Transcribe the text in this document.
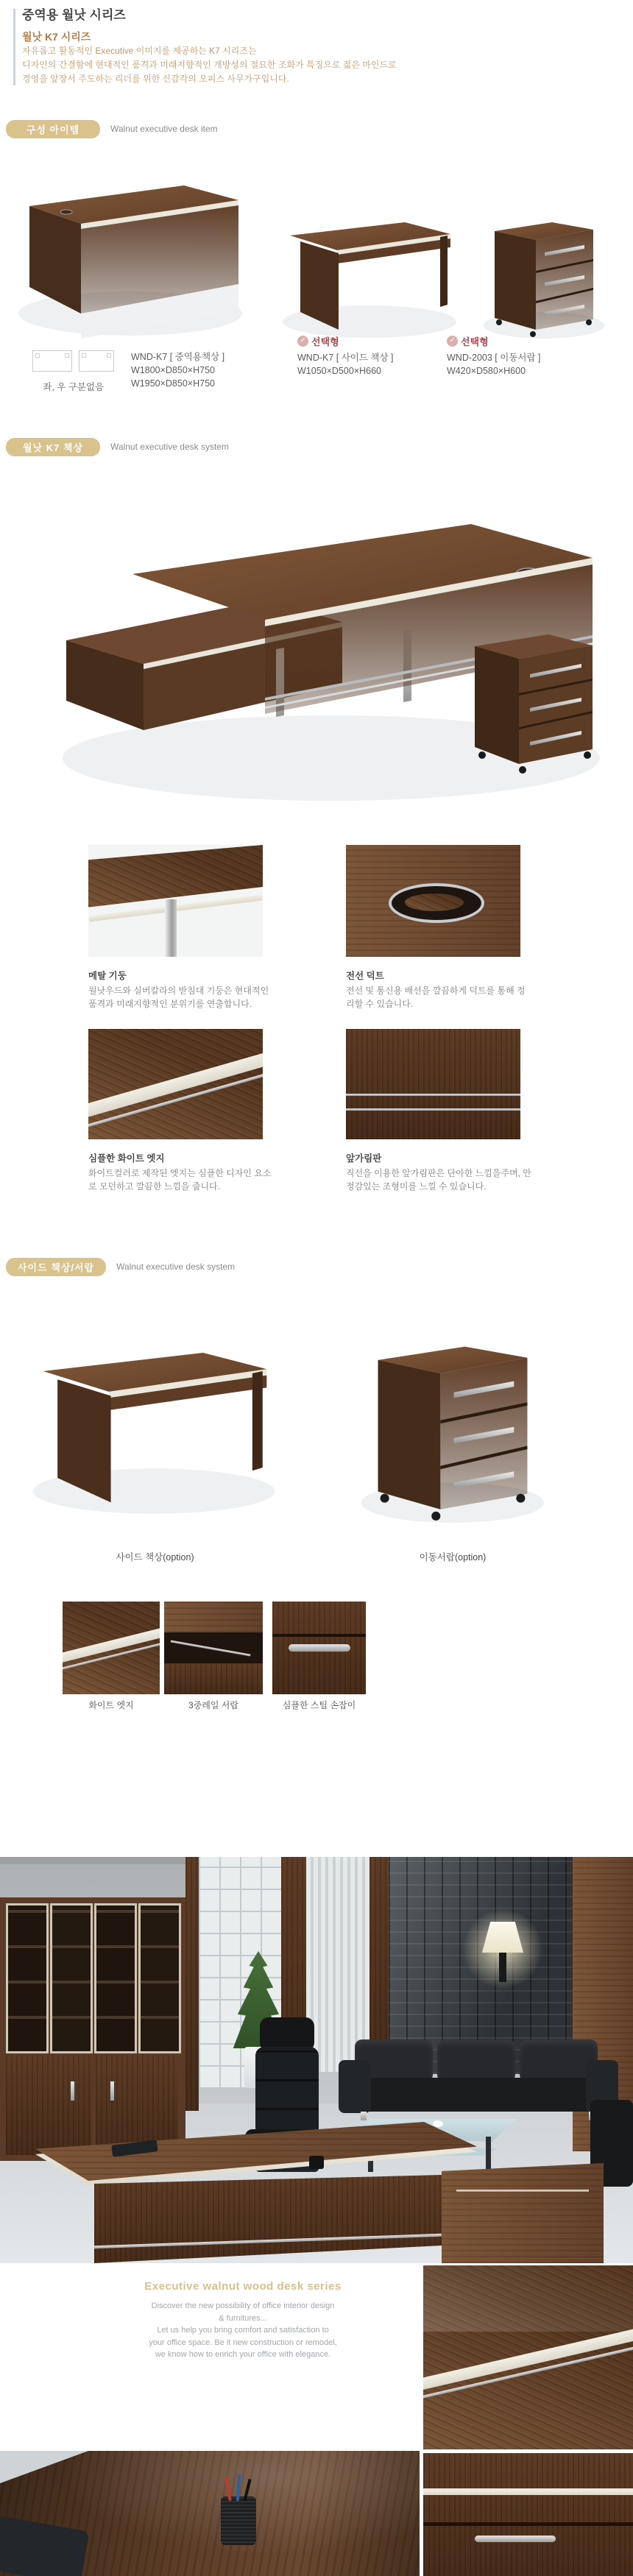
중역용 월낫 시리즈
월낫 K7 시리즈

자유롭고 활동적인 Executive 이미지를 제공하는 K7 시리즈는
디자인의 간결함에 현대적인 품격과 미래지향적인 개방성의 절묘한 조화가 특징으로 젊은 마인드로
경영을 앞장서 주도하는 리더를 위한 신감각의 오피스 사무가구입니다.

구성 아이템	Walnut executive desk item

좌, 우 구분없음
WND-K7 [ 중역용책상 ]
W1800×D850×H750
W1950×D850×H750
✓
선택형
WND-K7 [ 사이드 책상 ]
W1050×D500×H660
✓
선택형
WND-2003 [ 이동서랍 ]
W420×D580×H600
월낫 K7 책상	Walnut executive desk system

메탈 기둥

월낫우드와 실버칼라의 받침대 기둥은 현대적인 품격과 미래지향적인 분위기를 연출합니다.

전선 덕트

전선 및 통신용 배선을 깔끔하게 덕트를 통해 정리할 수 있습니다.

심플한 화이트 엣지

화이트컬러로 제작된 엣지는 심플한 디자인 요소로 모던하고 깔끔한 느낌을 줍니다.

앞가림판

직선을 이용한 앞가림판은 단아한 느낌을주며, 안정감있는 조형미를 느낄 수 있습니다.

사이드 책상/서랍	Walnut executive desk system
사이드 책상(option)	이동서랍(option)
화이트 엣지	3중레일 서랍	심플한 스틸 손잡이

Executive walnut wood desk series

Discover the new possibility of office interior design
& furnitures...
Let us help you bring comfort and satisfaction to
your office space. Be it new construction or remodel,
we know how to enrich your office with elegance.
